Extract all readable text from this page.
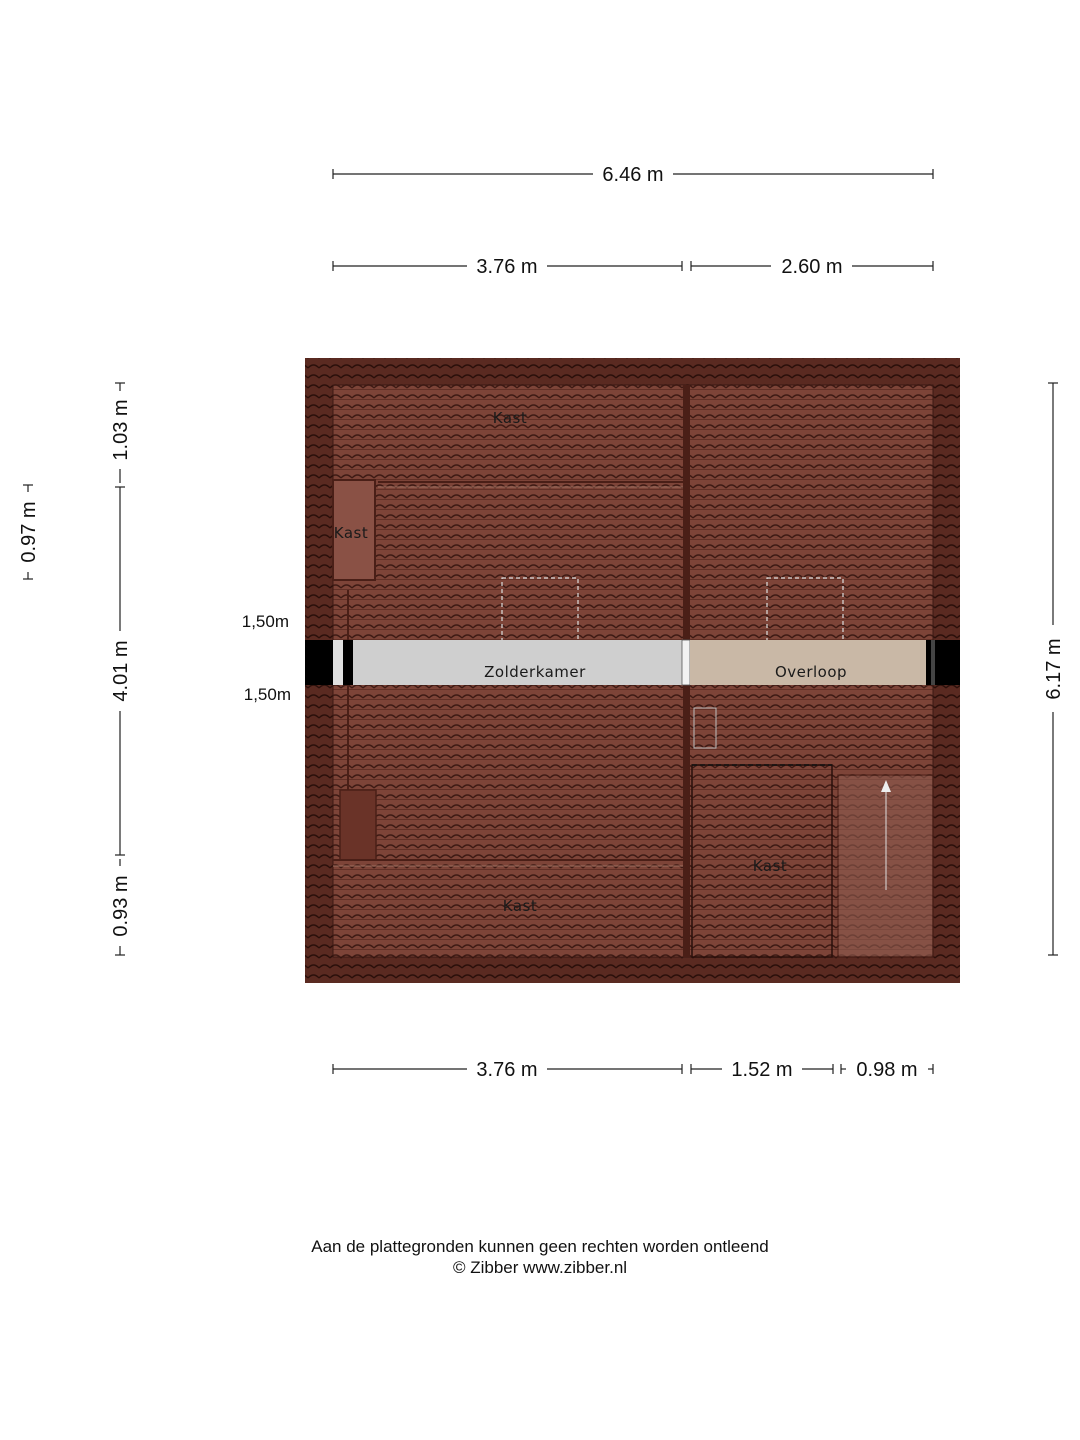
6.46 m
3.76 m	2.60 m
Kast
Kast
Zolderkamer	Overloop
Kast
Kast
1,50m
1,50m
3.76 m	1.52 m	0.98 m
6.17 m
0.97 m
1.03 m
4.01 m
0.93 m
Aan de plattegronden kunnen geen rechten worden ontleend
© Zibber www.zibber.nl
